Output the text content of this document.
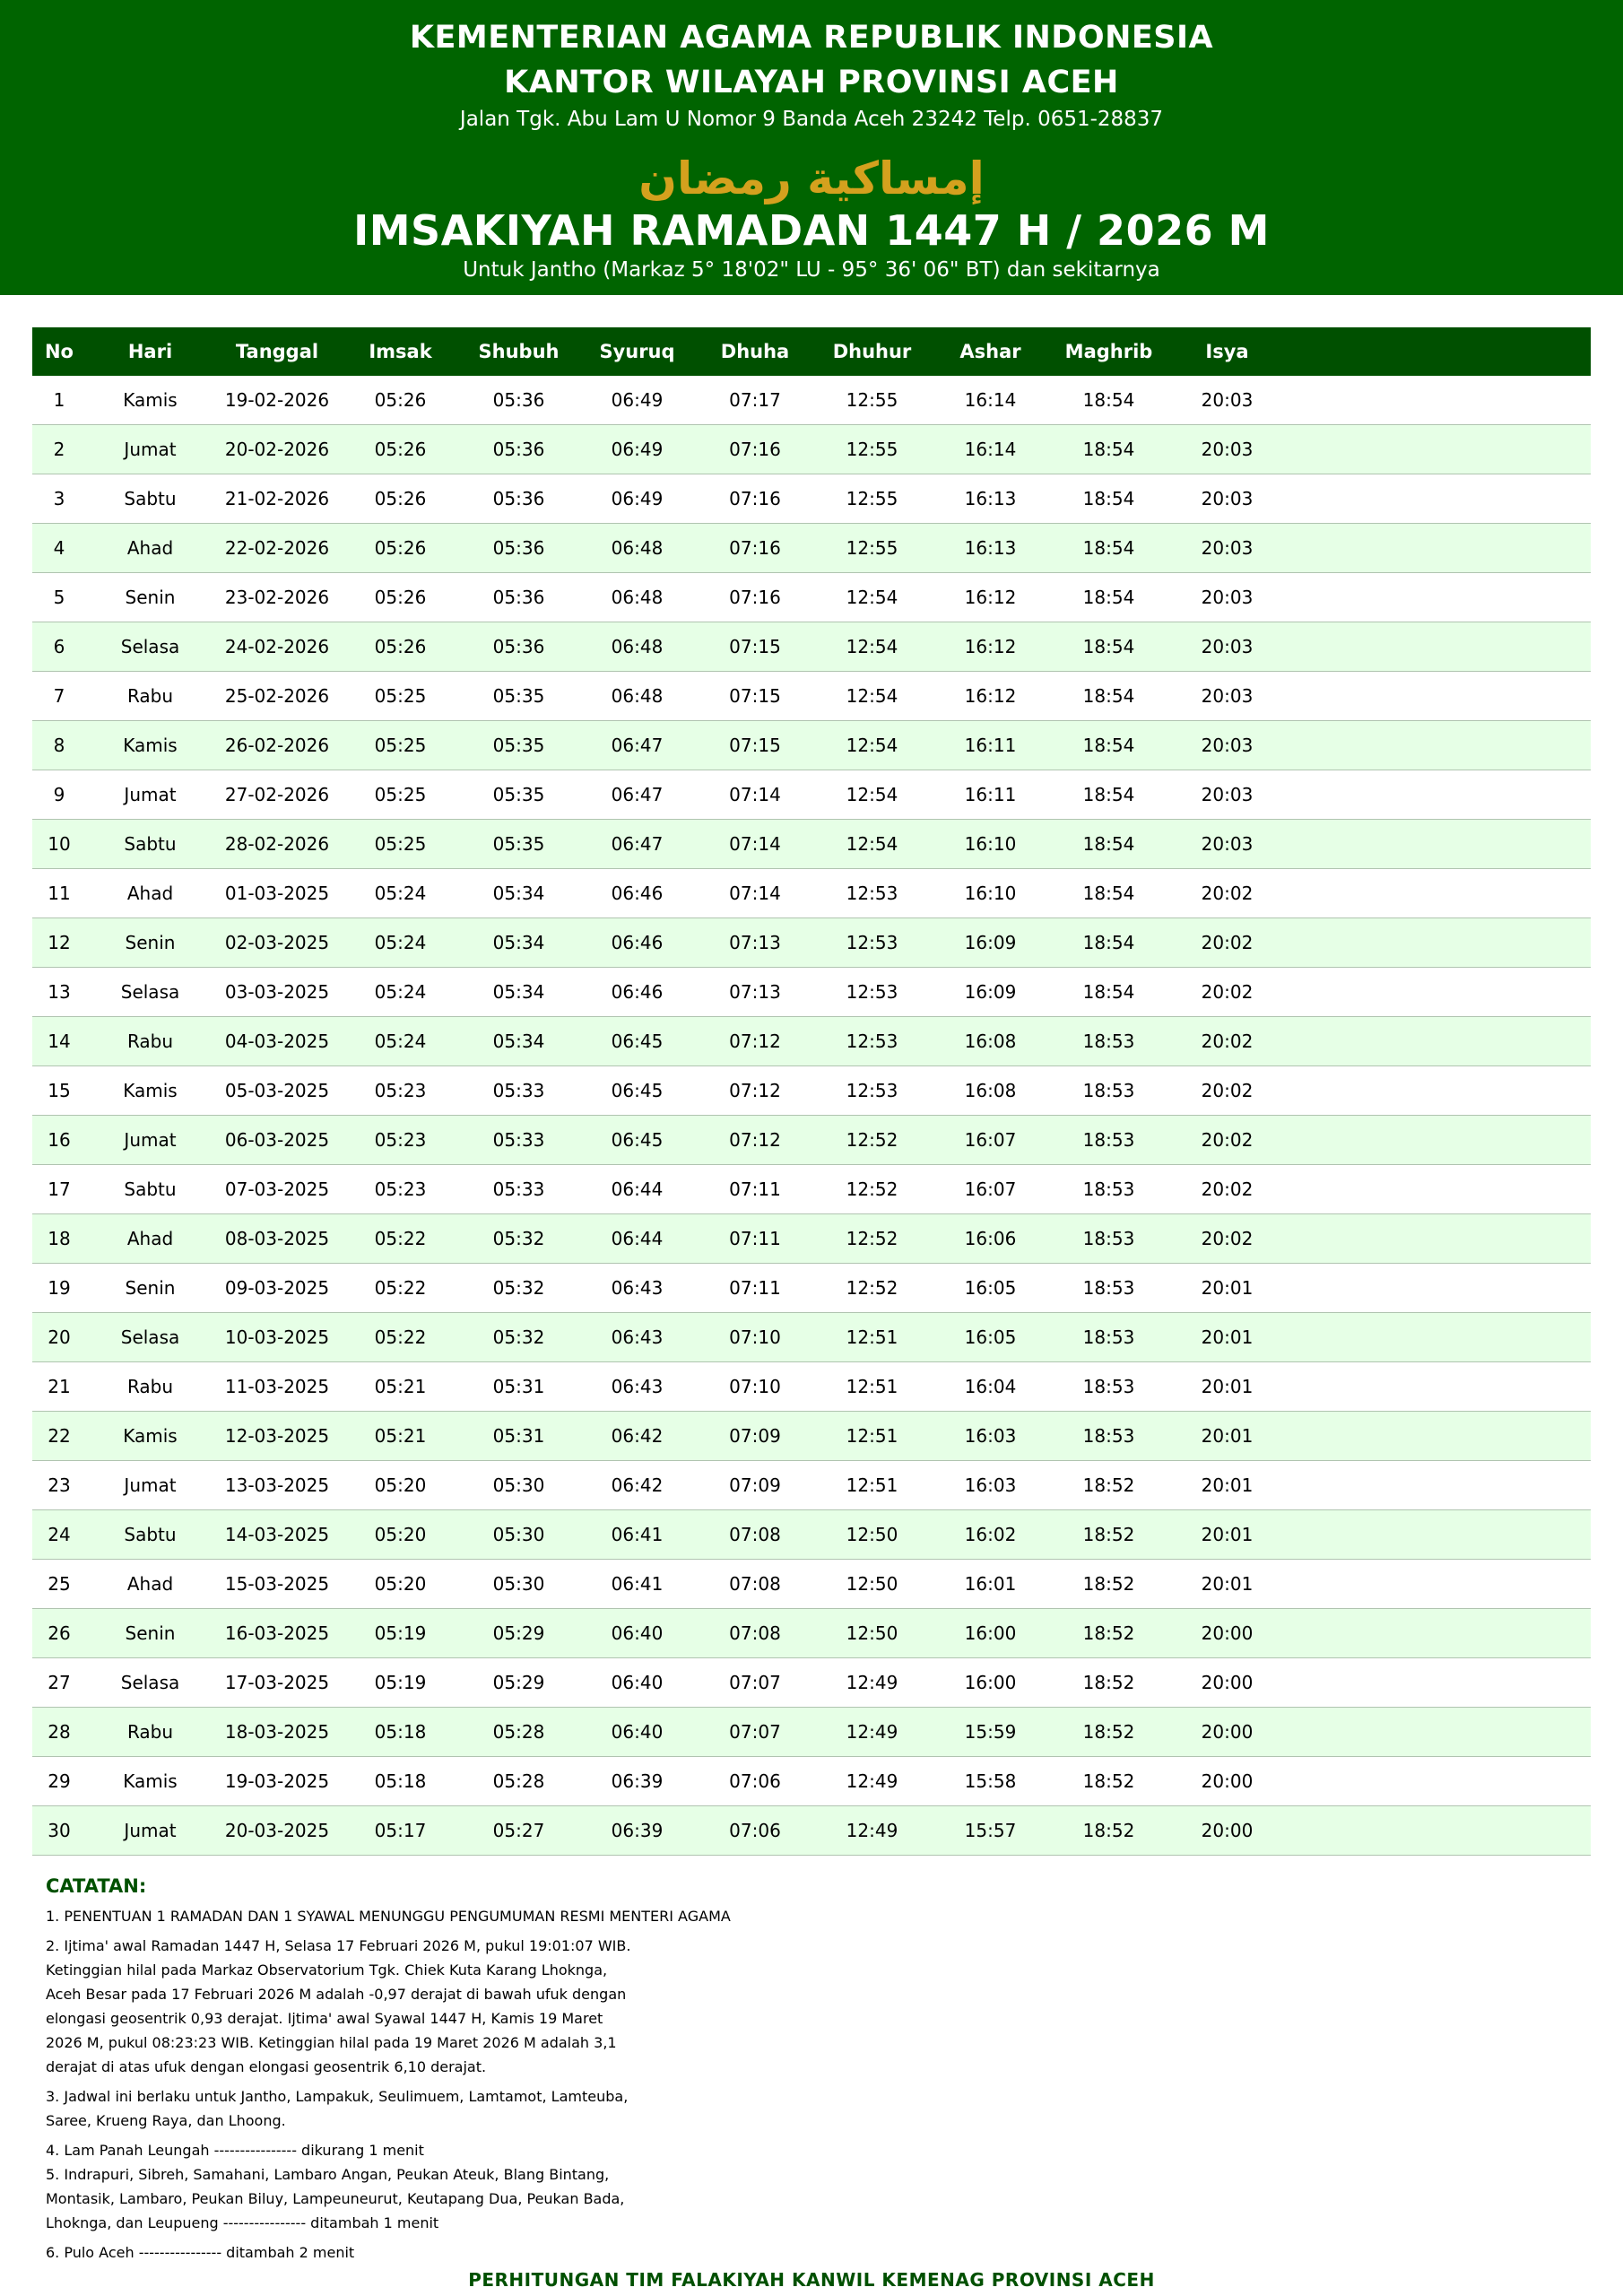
KEMENTERIAN AGAMA REPUBLIK INDONESIA
KANTOR WILAYAH PROVINSI ACEH
Jalan Tgk. Abu Lam U Nomor 9 Banda Aceh 23242 Telp. 0651-28837
إمساكية رمضان
IMSAKIYAH RAMADAN 1447 H / 2026 M
Untuk Jantho (Markaz 5° 18'02" LU - 95° 36' 06" BT) dan sekitarnya
No	Hari	Tanggal	Imsak	Shubuh	Syuruq	Dhuha	Dhuhur	Ashar	Maghrib	Isya	
1	Kamis	19-02-2026	05:26	05:36	06:49	07:17	12:55	16:14	18:54	20:03	
2	Jumat	20-02-2026	05:26	05:36	06:49	07:16	12:55	16:14	18:54	20:03	
3	Sabtu	21-02-2026	05:26	05:36	06:49	07:16	12:55	16:13	18:54	20:03	
4	Ahad	22-02-2026	05:26	05:36	06:48	07:16	12:55	16:13	18:54	20:03	
5	Senin	23-02-2026	05:26	05:36	06:48	07:16	12:54	16:12	18:54	20:03	
6	Selasa	24-02-2026	05:26	05:36	06:48	07:15	12:54	16:12	18:54	20:03	
7	Rabu	25-02-2026	05:25	05:35	06:48	07:15	12:54	16:12	18:54	20:03	
8	Kamis	26-02-2026	05:25	05:35	06:47	07:15	12:54	16:11	18:54	20:03	
9	Jumat	27-02-2026	05:25	05:35	06:47	07:14	12:54	16:11	18:54	20:03	
10	Sabtu	28-02-2026	05:25	05:35	06:47	07:14	12:54	16:10	18:54	20:03	
11	Ahad	01-03-2025	05:24	05:34	06:46	07:14	12:53	16:10	18:54	20:02	
12	Senin	02-03-2025	05:24	05:34	06:46	07:13	12:53	16:09	18:54	20:02	
13	Selasa	03-03-2025	05:24	05:34	06:46	07:13	12:53	16:09	18:54	20:02	
14	Rabu	04-03-2025	05:24	05:34	06:45	07:12	12:53	16:08	18:53	20:02	
15	Kamis	05-03-2025	05:23	05:33	06:45	07:12	12:53	16:08	18:53	20:02	
16	Jumat	06-03-2025	05:23	05:33	06:45	07:12	12:52	16:07	18:53	20:02	
17	Sabtu	07-03-2025	05:23	05:33	06:44	07:11	12:52	16:07	18:53	20:02	
18	Ahad	08-03-2025	05:22	05:32	06:44	07:11	12:52	16:06	18:53	20:02	
19	Senin	09-03-2025	05:22	05:32	06:43	07:11	12:52	16:05	18:53	20:01	
20	Selasa	10-03-2025	05:22	05:32	06:43	07:10	12:51	16:05	18:53	20:01	
21	Rabu	11-03-2025	05:21	05:31	06:43	07:10	12:51	16:04	18:53	20:01	
22	Kamis	12-03-2025	05:21	05:31	06:42	07:09	12:51	16:03	18:53	20:01	
23	Jumat	13-03-2025	05:20	05:30	06:42	07:09	12:51	16:03	18:52	20:01	
24	Sabtu	14-03-2025	05:20	05:30	06:41	07:08	12:50	16:02	18:52	20:01	
25	Ahad	15-03-2025	05:20	05:30	06:41	07:08	12:50	16:01	18:52	20:01	
26	Senin	16-03-2025	05:19	05:29	06:40	07:08	12:50	16:00	18:52	20:00	
27	Selasa	17-03-2025	05:19	05:29	06:40	07:07	12:49	16:00	18:52	20:00	
28	Rabu	18-03-2025	05:18	05:28	06:40	07:07	12:49	15:59	18:52	20:00	
29	Kamis	19-03-2025	05:18	05:28	06:39	07:06	12:49	15:58	18:52	20:00	
30	Jumat	20-03-2025	05:17	05:27	06:39	07:06	12:49	15:57	18:52	20:00	
CATATAN:
1. PENENTUAN 1 RAMADAN DAN 1 SYAWAL MENUNGGU PENGUMUMAN RESMI MENTERI AGAMA
2. Ijtima' awal Ramadan 1447 H, Selasa 17 Februari 2026 M, pukul 19:01:07 WIB.
Ketinggian hilal pada Markaz Observatorium Tgk. Chiek Kuta Karang Lhokngа,
Aceh Besar pada 17 Februari 2026 M adalah -0,97 derajat di bawah ufuk dengan
elongasi geosentrik 0,93 derajat. Ijtima' awal Syawal 1447 H, Kamis 19 Maret
2026 M, pukul 08:23:23 WIB. Ketinggian hilal pada 19 Maret 2026 M adalah 3,1
derajat di atas ufuk dengan elongasi geosentrik 6,10 derajat.
3. Jadwal ini berlaku untuk Jantho, Lampakuk, Seulimuem, Lamtamot, Lamteuba,
Saree, Krueng Raya, dan Lhoong.
4. Lam Panah Leungah ---------------- dikurang 1 menit
5. Indrapuri, Sibreh, Samahani, Lambaro Angan, Peukan Ateuk, Blang Bintang,
Montasik, Lambaro, Peukan Biluy, Lampeuneurut, Keutapang Dua, Peukan Bada,
Lhoknga, dan Leupueng ---------------- ditambah 1 menit
6. Pulo Aceh ---------------- ditambah 2 menit
PERHITUNGAN TIM FALAKIYAH KANWIL KEMENAG PROVINSI ACEH
